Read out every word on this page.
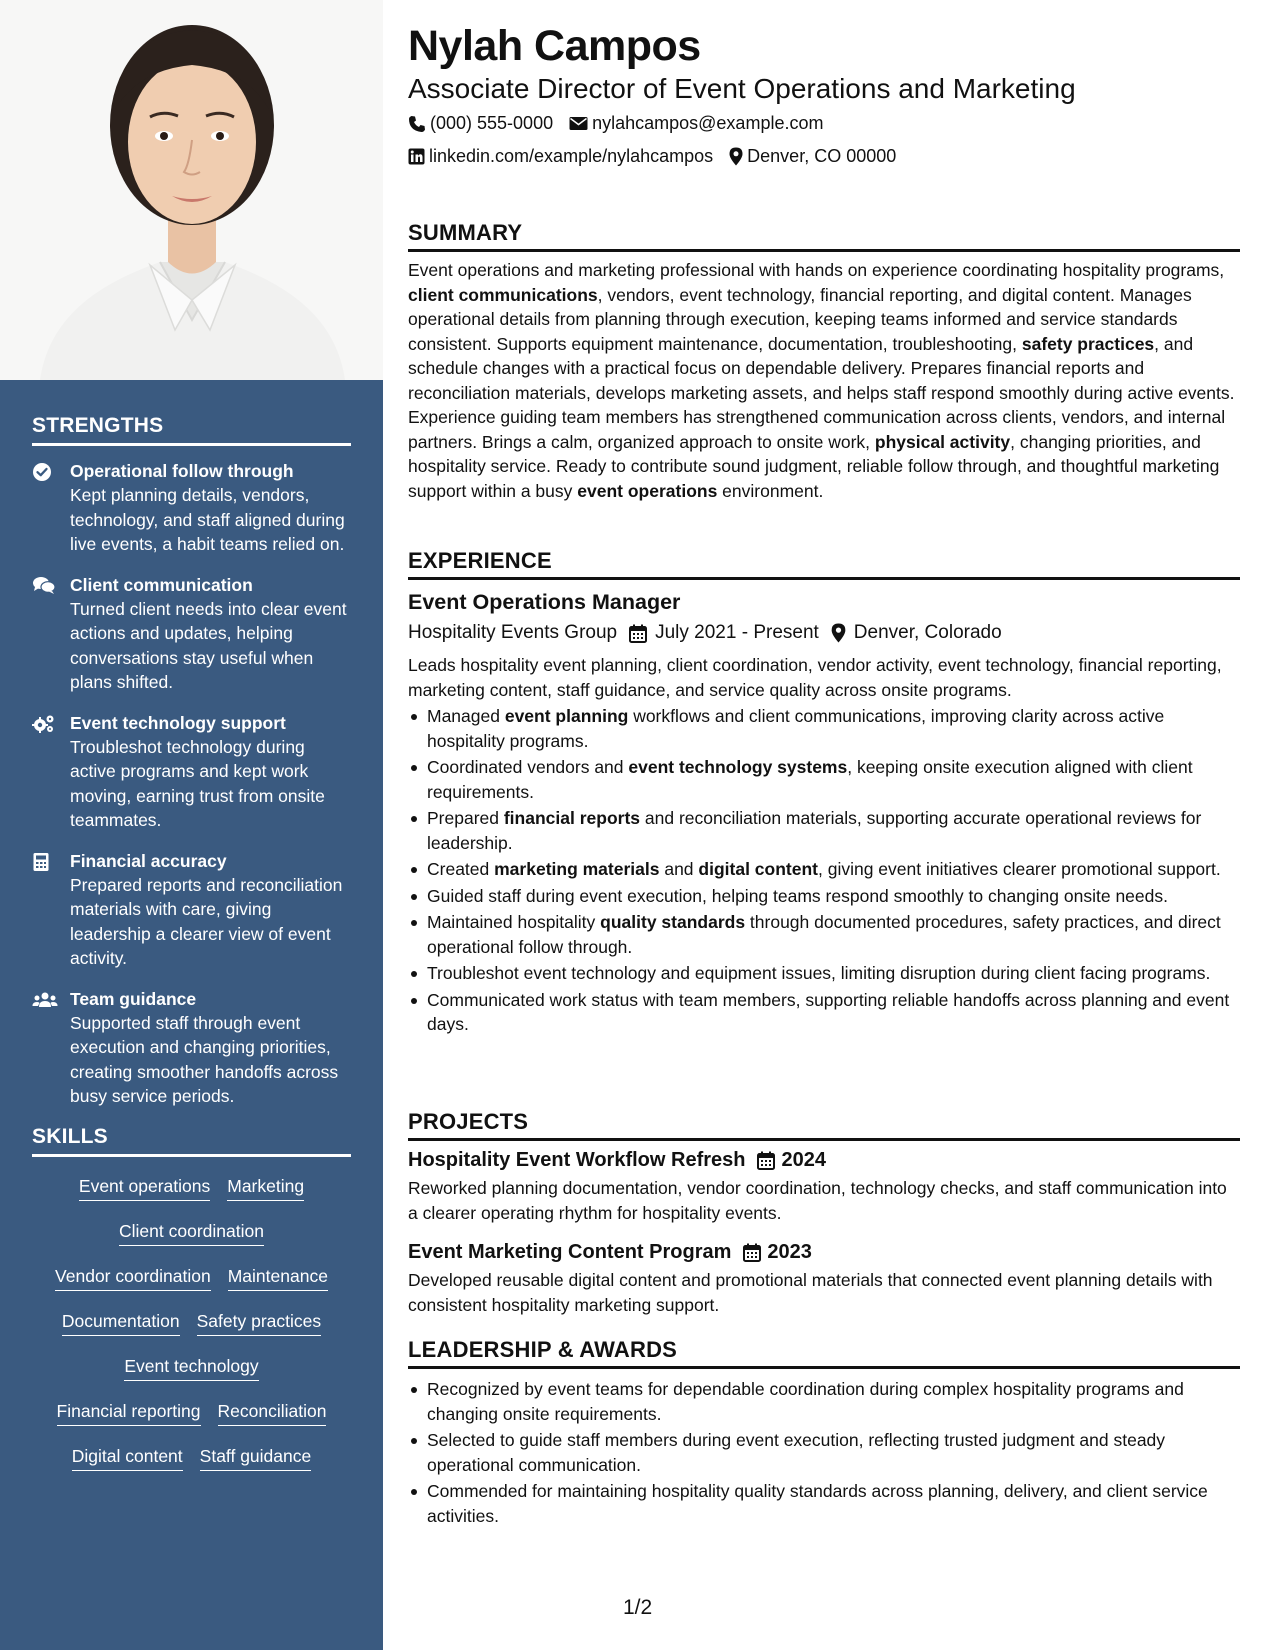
STRENGTHS
Operational follow through
Kept planning details, vendors, technology, and staff aligned during live events, a habit teams relied on.
Client communication
Turned client needs into clear event actions and updates, helping conversations stay useful when plans shifted.
Event technology support
Troubleshot technology during active programs and kept work moving, earning trust from onsite teammates.
Financial accuracy
Prepared reports and reconciliation materials with care, giving leadership a clearer view of event activity.
Team guidance
Supported staff through event execution and changing priorities, creating smoother handoffs across busy service periods.
SKILLS
Event operations Marketing
Client coordination
Vendor coordination Maintenance
Documentation Safety practices
Event technology
Financial reporting Reconciliation
Digital content Staff guidance
Nylah Campos
Associate Director of Event Operations and Marketing
(000) 555-0000 nylahcampos@example.com
linkedin.com/example/nylahcampos Denver, CO 00000
SUMMARY
Event operations and marketing professional with hands on experience coordinating hospitality programs, client communications, vendors, event technology, financial reporting, and digital content. Manages operational details from planning through execution, keeping teams informed and service standards consistent. Supports equipment maintenance, documentation, troubleshooting, safety practices, and schedule changes with a practical focus on dependable delivery. Prepares financial reports and reconciliation materials, develops marketing assets, and helps staff respond smoothly during active events. Experience guiding team members has strengthened communication across clients, vendors, and internal partners. Brings a calm, organized approach to onsite work, physical activity, changing priorities, and hospitality service. Ready to contribute sound judgment, reliable follow through, and thoughtful marketing support within a busy event operations environment.
EXPERIENCE
Event Operations Manager
Hospitality Events Group July 2021 - Present Denver, Colorado
Leads hospitality event planning, client coordination, vendor activity, event technology, financial reporting, marketing content, staff guidance, and service quality across onsite programs.
Managed event planning workflows and client communications, improving clarity across active hospitality programs.
Coordinated vendors and event technology systems, keeping onsite execution aligned with client requirements.
Prepared financial reports and reconciliation materials, supporting accurate operational reviews for leadership.
Created marketing materials and digital content, giving event initiatives clearer promotional support.
Guided staff during event execution, helping teams respond smoothly to changing onsite needs.
Maintained hospitality quality standards through documented procedures, safety practices, and direct operational follow through.
Troubleshot event technology and equipment issues, limiting disruption during client facing programs.
Communicated work status with team members, supporting reliable handoffs across planning and event days.
PROJECTS
Hospitality Event Workflow Refresh 2024
Reworked planning documentation, vendor coordination, technology checks, and staff communication into a clearer operating rhythm for hospitality events.
Event Marketing Content Program 2023
Developed reusable digital content and promotional materials that connected event planning details with consistent hospitality marketing support.
LEADERSHIP & AWARDS
Recognized by event teams for dependable coordination during complex hospitality programs and changing onsite requirements.
Selected to guide staff members during event execution, reflecting trusted judgment and steady operational communication.
Commended for maintaining hospitality quality standards across planning, delivery, and client service activities.
1/2
